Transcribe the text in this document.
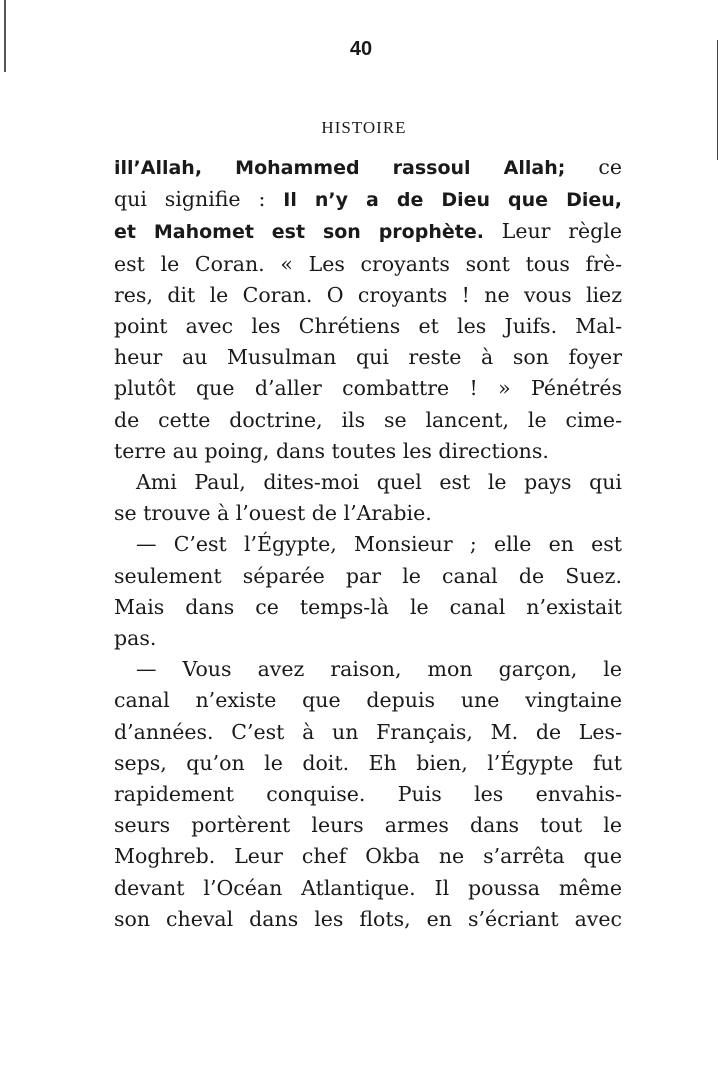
40

HISTOIRE

ill’Allah, Mohammed rassoul Allah; ce
qui signifie : Il n’y a de Dieu que Dieu,
et Mahomet est son prophète. Leur règle
est le Coran. « Les croyants sont tous frè-
res, dit le Coran. O croyants ! ne vous liez
point avec les Chrétiens et les Juifs. Mal-
heur au Musulman qui reste à son foyer
plutôt que d’aller combattre ! » Pénétrés
de cette doctrine, ils se lancent, le cime-
terre au poing, dans toutes les directions.
Ami Paul, dites-moi quel est le pays qui
se trouve à l’ouest de l’Arabie.
— C’est l’Égypte, Monsieur ; elle en est
seulement séparée par le canal de Suez.
Mais dans ce temps-là le canal n’existait
pas.
— Vous avez raison, mon garçon, le
canal n’existe que depuis une vingtaine
d’années. C’est à un Français, M. de Les-
seps, qu’on le doit. Eh bien, l’Égypte fut
rapidement conquise. Puis les envahis-
seurs portèrent leurs armes dans tout le
Moghreb. Leur chef Okba ne s’arrêta que
devant l’Océan Atlantique. Il poussa même
son cheval dans les flots, en s’écriant avec
